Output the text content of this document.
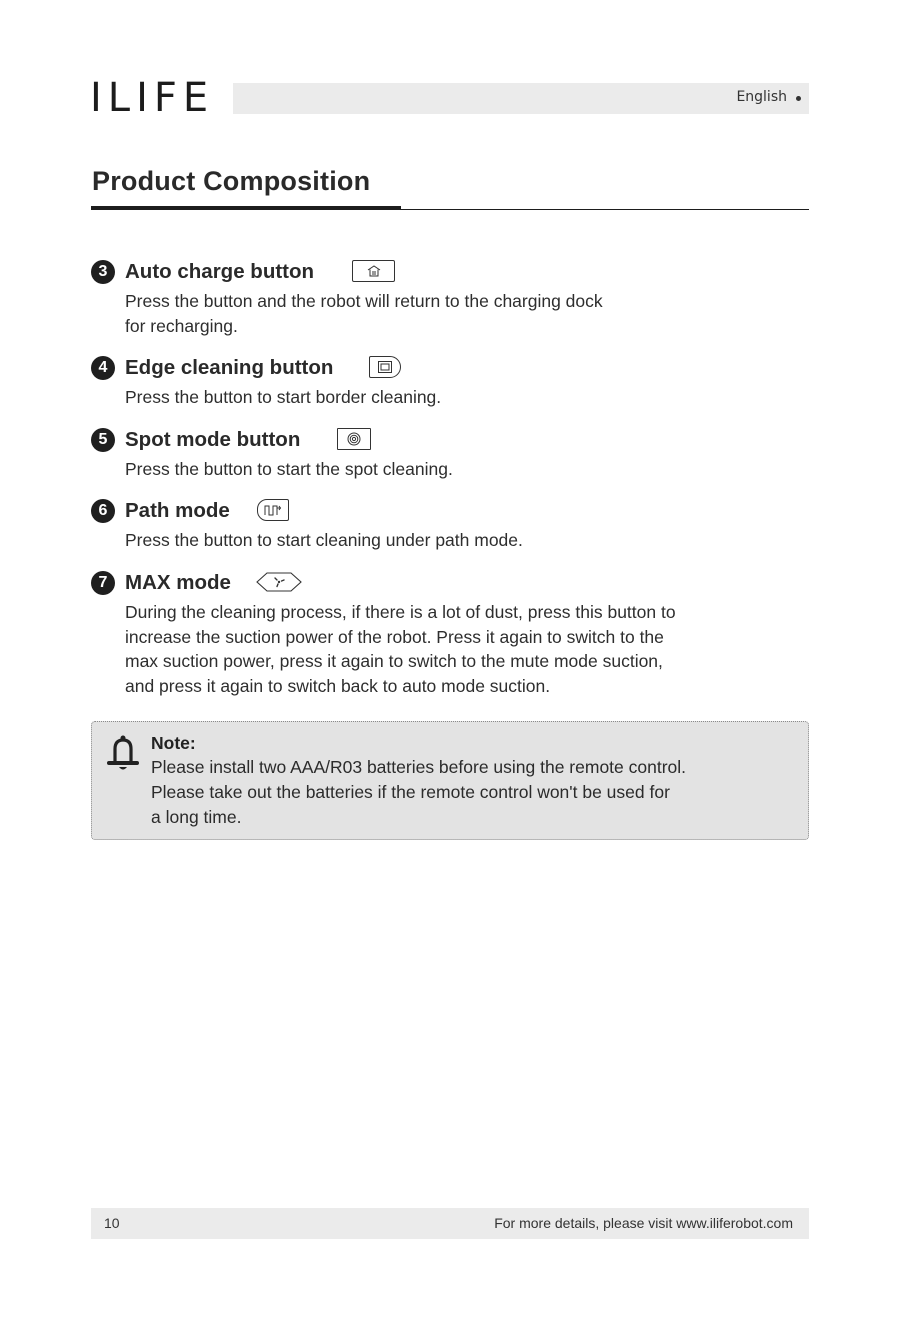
ILIFE	English
Product Composition
3 Auto charge button
Press the button and the robot will return to the charging dock
for recharging.
4 Edge cleaning button
Press the button to start border cleaning.
5 Spot mode button
Press the button to start the spot cleaning.
6 Path mode
Press the button to start cleaning under path mode.
7 MAX mode
During the cleaning process, if there is a lot of dust, press this button to
increase the suction power of the robot. Press it again to switch to the
max suction power, press it again to switch to the mute mode suction,
and press it again to switch back to auto mode suction.
Note:
Please install two AAA/R03 batteries before using the remote control.
Please take out the batteries if the remote control won't be used for
a long time.
10	For more details, please visit www.iliferobot.com
